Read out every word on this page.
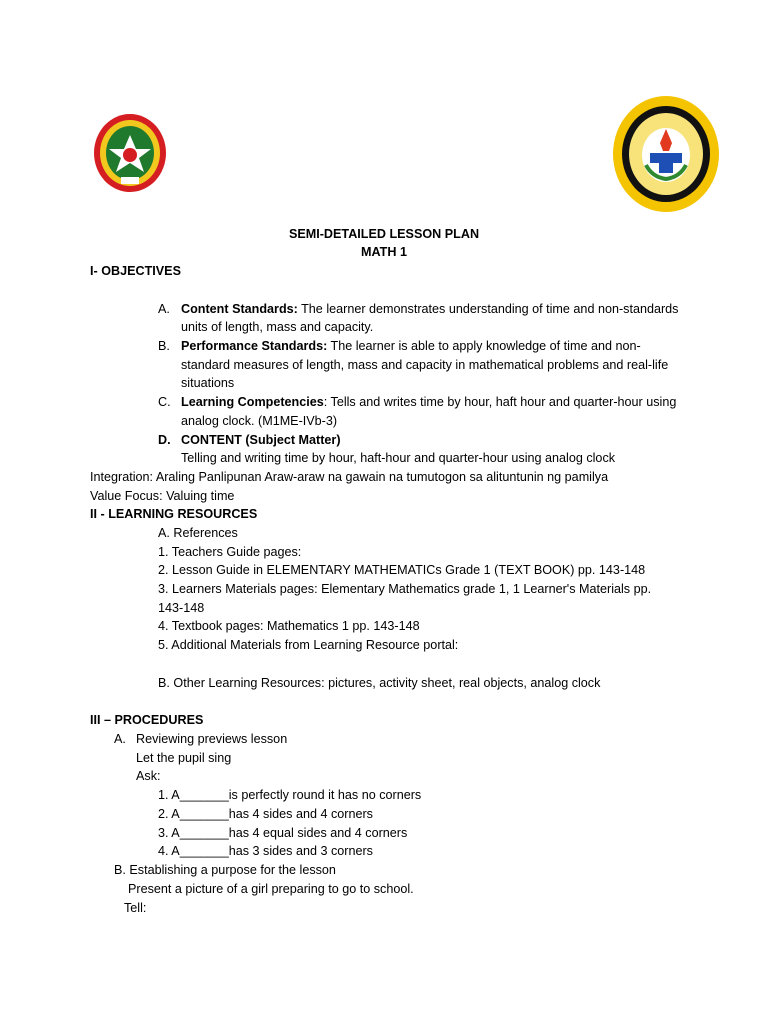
SEMI-DETAILED LESSON PLAN
MATH 1
I- OBJECTIVES
A. Content Standards: The learner demonstrates understanding of time and non-standards
units of length, mass and capacity.
B. Performance Standards: The learner is able to apply knowledge of time and non-
standard measures of length, mass and capacity in mathematical problems and real-life
situations
C. Learning Competencies: Tells and writes time by hour, haft hour and quarter-hour using
analog clock. (M1ME-IVb-3)
D. CONTENT (Subject Matter)
Telling and writing time by hour, haft-hour and quarter-hour using analog clock
Integration: Araling Panlipunan Araw-araw na gawain na tumutogon sa alituntunin ng pamilya
Value Focus: Valuing time
II - LEARNING RESOURCES
A. References
1. Teachers Guide pages:
2. Lesson Guide in ELEMENTARY MATHEMATICs Grade 1 (TEXT BOOK) pp. 143-148
3. Learners Materials pages: Elementary Mathematics grade 1, 1 Learner's Materials pp.
143-148
4. Textbook pages: Mathematics 1 pp. 143-148
5. Additional Materials from Learning Resource portal:
B. Other Learning Resources: pictures, activity sheet, real objects, analog clock
III – PROCEDURES
A. Reviewing previews lesson
Let the pupil sing
Ask:
1. A_______is perfectly round it has no corners
2. A_______has 4 sides and 4 corners
3. A_______has 4 equal sides and 4 corners
4. A_______has 3 sides and 3 corners
B. Establishing a purpose for the lesson
Present a picture of a girl preparing to go to school.
Tell:
